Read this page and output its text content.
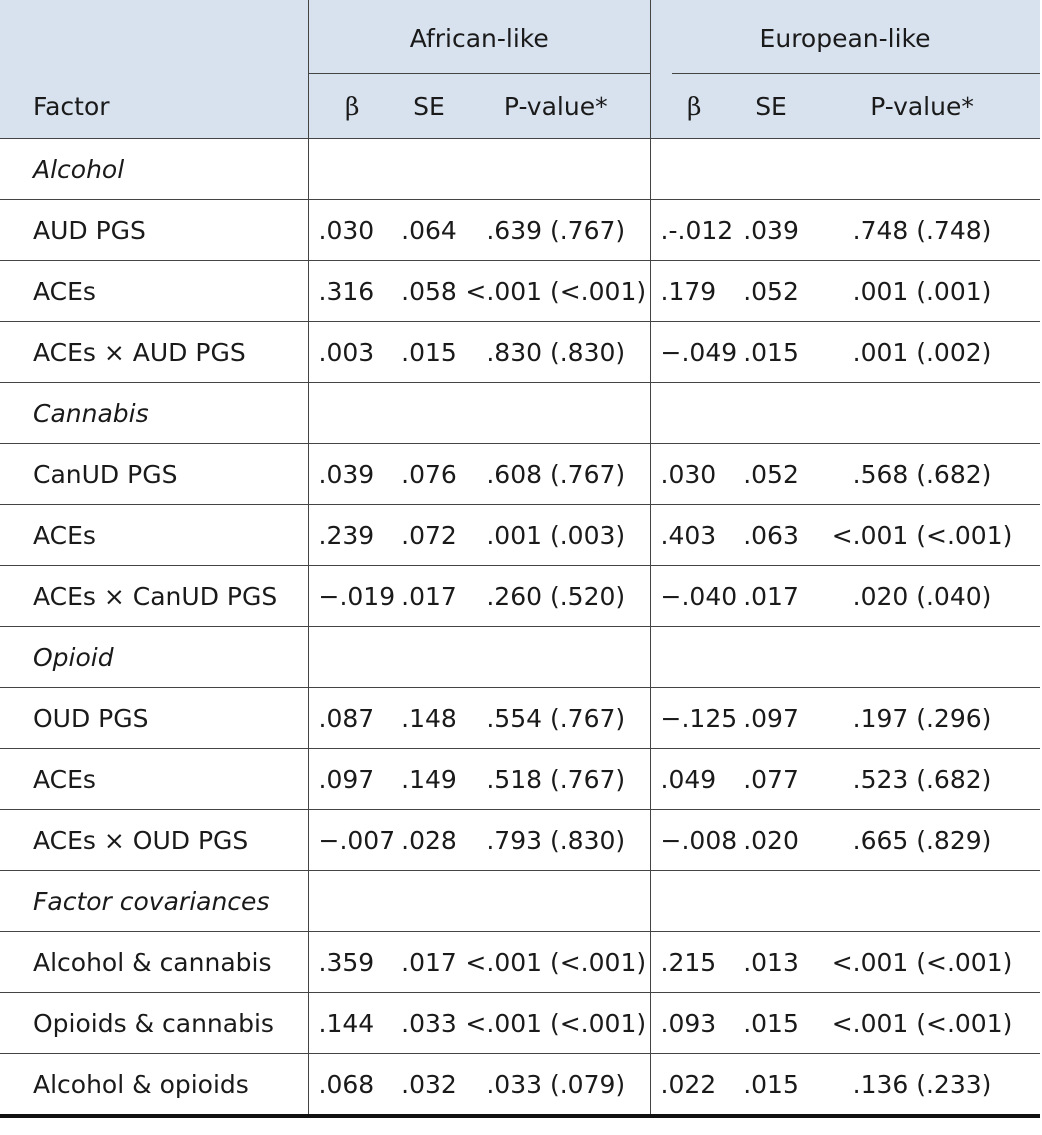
	African-like			European-like		

Factor	β	SE	P-value*	β	SE	P-value*
Alcohol						
AUD PGS	.030	.064	.639 (.767)	.-.012	.039	.748 (.748)
ACEs	.316	.058	<.001 (<.001)	.179	.052	.001 (.001)
ACEs × AUD PGS	.003	.015	.830 (.830)	−.049	.015	.001 (.002)
Cannabis						
CanUD PGS	.039	.076	.608 (.767)	.030	.052	.568 (.682)
ACEs	.239	.072	.001 (.003)	.403	.063	<.001 (<.001)
ACEs × CanUD PGS	−.019	.017	.260 (.520)	−.040	.017	.020 (.040)
Opioid						
OUD PGS	.087	.148	.554 (.767)	−.125	.097	.197 (.296)
ACEs	.097	.149	.518 (.767)	.049	.077	.523 (.682)
ACEs × OUD PGS	−.007	.028	.793 (.830)	−.008	.020	.665 (.829)
Factor covariances						
Alcohol & cannabis	.359	.017	<.001 (<.001)	.215	.013	<.001 (<.001)
Opioids & cannabis	.144	.033	<.001 (<.001)	.093	.015	<.001 (<.001)
Alcohol & opioids	.068	.032	.033 (.079)	.022	.015	.136 (.233)
